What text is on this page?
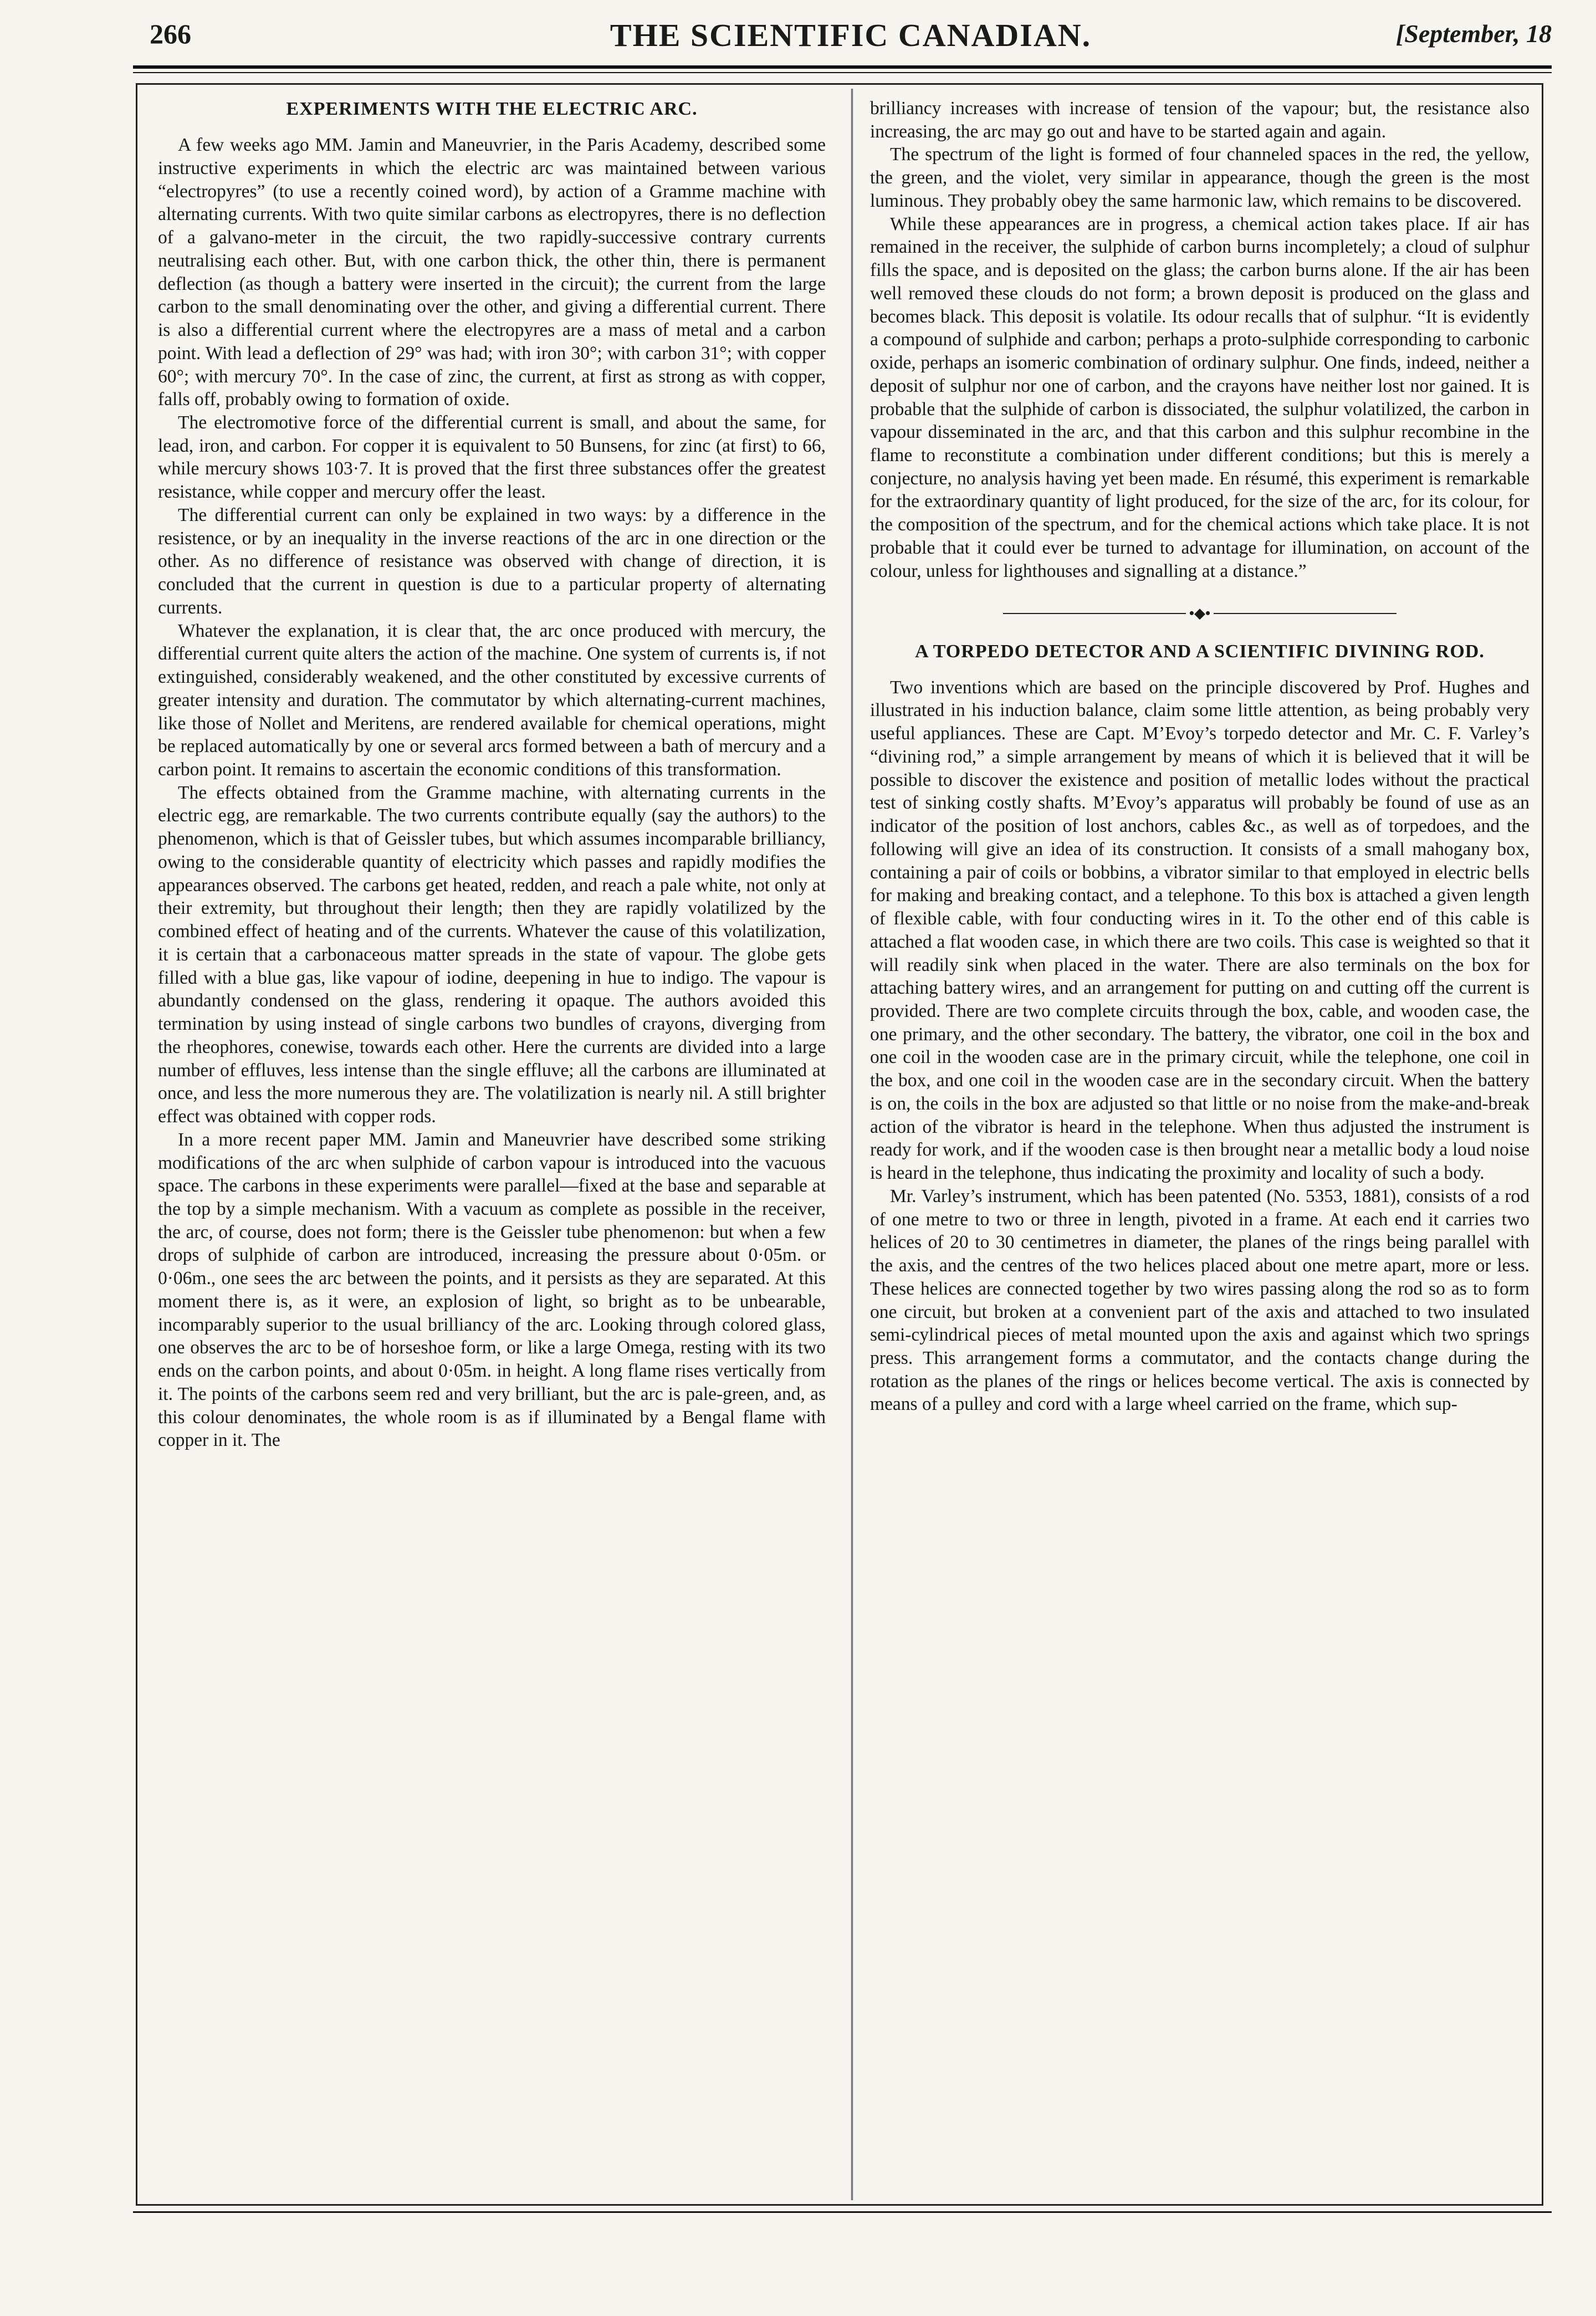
266	THE SCIENTIFIC CANADIAN.	[September, 18
EXPERIMENTS WITH THE ELECTRIC ARC.

A few weeks ago MM. Jamin and Maneuvrier, in the Paris Academy, described some instructive experiments in which the electric arc was maintained between various “electropyres” (to use a recently coined word), by action of a Gramme machine with alternating currents. With two quite similar carbons as electropyres, there is no deflection of a galvano-meter in the circuit, the two rapidly-successive contrary currents neutralising each other. But, with one carbon thick, the other thin, there is permanent deflection (as though a battery were inserted in the circuit); the current from the large carbon to the small denominating over the other, and giving a differential current. There is also a differential current where the electropyres are a mass of metal and a carbon point. With lead a deflection of 29° was had; with iron 30°; with carbon 31°; with copper 60°; with mercury 70°. In the case of zinc, the current, at first as strong as with copper, falls off, probably owing to formation of oxide.

The electromotive force of the differential current is small, and about the same, for lead, iron, and carbon. For copper it is equivalent to 50 Bunsens, for zinc (at first) to 66, while mercury shows 103·7. It is proved that the first three substances offer the greatest resistance, while copper and mercury offer the least.

The differential current can only be explained in two ways: by a difference in the resistence, or by an inequality in the inverse reactions of the arc in one direction or the other. As no difference of resistance was observed with change of direction, it is concluded that the current in question is due to a particular property of alternating currents.

Whatever the explanation, it is clear that, the arc once produced with mercury, the differential current quite alters the action of the machine. One system of currents is, if not extinguished, considerably weakened, and the other constituted by excessive currents of greater intensity and duration. The commutator by which alternating-current machines, like those of Nollet and Meritens, are rendered available for chemical operations, might be replaced automatically by one or several arcs formed between a bath of mercury and a carbon point. It remains to ascertain the economic conditions of this transformation.

The effects obtained from the Gramme machine, with alternating currents in the electric egg, are remarkable. The two currents contribute equally (say the authors) to the phenomenon, which is that of Geissler tubes, but which assumes incomparable brilliancy, owing to the considerable quantity of electricity which passes and rapidly modifies the appearances observed. The carbons get heated, redden, and reach a pale white, not only at their extremity, but throughout their length; then they are rapidly volatilized by the combined effect of heating and of the currents. Whatever the cause of this volatilization, it is certain that a carbonaceous matter spreads in the state of vapour. The globe gets filled with a blue gas, like vapour of iodine, deepening in hue to indigo. The vapour is abundantly condensed on the glass, rendering it opaque. The authors avoided this termination by using instead of single carbons two bundles of crayons, diverging from the rheophores, conewise, towards each other. Here the currents are divided into a large number of effluves, less intense than the single effluve; all the carbons are illuminated at once, and less the more numerous they are. The volatilization is nearly nil. A still brighter effect was obtained with copper rods.

In a more recent paper MM. Jamin and Maneuvrier have described some striking modifications of the arc when sulphide of carbon vapour is introduced into the vacuous space. The carbons in these experiments were parallel—fixed at the base and separable at the top by a simple mechanism. With a vacuum as complete as possible in the receiver, the arc, of course, does not form; there is the Geissler tube phenomenon: but when a few drops of sulphide of carbon are introduced, increasing the pressure about 0·05m. or 0·06m., one sees the arc between the points, and it persists as they are separated. At this moment there is, as it were, an explosion of light, so bright as to be unbearable, incomparably superior to the usual brilliancy of the arc. Looking through colored glass, one observes the arc to be of horseshoe form, or like a large Omega, resting with its two ends on the carbon points, and about 0·05m. in height. A long flame rises vertically from it. The points of the carbons seem red and very brilliant, but the arc is pale-green, and, as this colour denominates, the whole room is as if illuminated by a Bengal flame with copper in it. The

brilliancy increases with increase of tension of the vapour; but, the resistance also increasing, the arc may go out and have to be started again and again.

The spectrum of the light is formed of four channeled spaces in the red, the yellow, the green, and the violet, very similar in appearance, though the green is the most luminous. They probably obey the same harmonic law, which remains to be discovered.

While these appearances are in progress, a chemical action takes place. If air has remained in the receiver, the sulphide of carbon burns incompletely; a cloud of sulphur fills the space, and is deposited on the glass; the carbon burns alone. If the air has been well removed these clouds do not form; a brown deposit is produced on the glass and becomes black. This deposit is volatile. Its odour recalls that of sulphur. “It is evidently a compound of sulphide and carbon; perhaps a proto-sulphide corresponding to carbonic oxide, perhaps an isomeric combination of ordinary sulphur. One finds, indeed, neither a deposit of sulphur nor one of carbon, and the crayons have neither lost nor gained. It is probable that the sulphide of carbon is dissociated, the sulphur volatilized, the carbon in vapour disseminated in the arc, and that this carbon and this sulphur recombine in the flame to reconstitute a combination under different conditions; but this is merely a conjecture, no analysis having yet been made. En résumé, this experiment is remarkable for the extraordinary quantity of light produced, for the size of the arc, for its colour, for the composition of the spectrum, and for the chemical actions which take place. It is not probable that it could ever be turned to advantage for illumination, on account of the colour, unless for lighthouses and signalling at a distance.”

•◆•
A TORPEDO DETECTOR AND A SCIENTIFIC DIVINING ROD.

Two inventions which are based on the principle discovered by Prof. Hughes and illustrated in his induction balance, claim some little attention, as being probably very useful appliances. These are Capt. M’Evoy’s torpedo detector and Mr. C. F. Varley’s “divining rod,” a simple arrangement by means of which it is believed that it will be possible to discover the existence and position of metallic lodes without the practical test of sinking costly shafts. M’Evoy’s apparatus will probably be found of use as an indicator of the position of lost anchors, cables &c., as well as of torpedoes, and the following will give an idea of its construction. It consists of a small mahogany box, containing a pair of coils or bobbins, a vibrator similar to that employed in electric bells for making and breaking contact, and a telephone. To this box is attached a given length of flexible cable, with four conducting wires in it. To the other end of this cable is attached a flat wooden case, in which there are two coils. This case is weighted so that it will readily sink when placed in the water. There are also terminals on the box for attaching battery wires, and an arrangement for putting on and cutting off the current is provided. There are two complete circuits through the box, cable, and wooden case, the one primary, and the other secondary. The battery, the vibrator, one coil in the box and one coil in the wooden case are in the primary circuit, while the telephone, one coil in the box, and one coil in the wooden case are in the secondary circuit. When the battery is on, the coils in the box are adjusted so that little or no noise from the make-and-break action of the vibrator is heard in the telephone. When thus adjusted the instrument is ready for work, and if the wooden case is then brought near a metallic body a loud noise is heard in the telephone, thus indicating the proximity and locality of such a body.

Mr. Varley’s instrument, which has been patented (No. 5353, 1881), consists of a rod of one metre to two or three in length, pivoted in a frame. At each end it carries two helices of 20 to 30 centimetres in diameter, the planes of the rings being parallel with the axis, and the centres of the two helices placed about one metre apart, more or less. These helices are connected together by two wires passing along the rod so as to form one circuit, but broken at a convenient part of the axis and attached to two insulated semi-cylindrical pieces of metal mounted upon the axis and against which two springs press. This arrangement forms a commutator, and the contacts change during the rotation as the planes of the rings or helices become vertical. The axis is connected by means of a pulley and cord with a large wheel carried on the frame, which sup-
